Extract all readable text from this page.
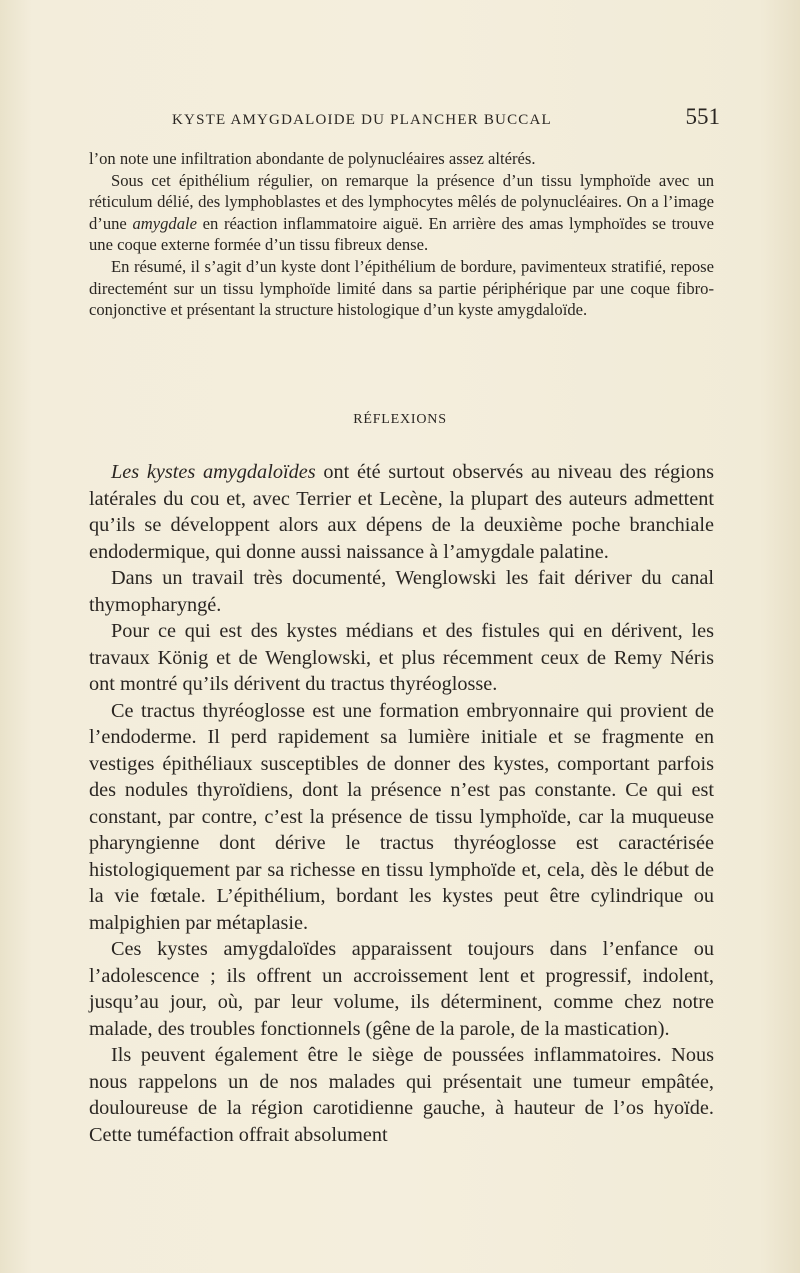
KYSTE AMYGDALOIDE DU PLANCHER BUCCAL	551

l’on note une infiltration abondante de polynucléaires assez altérés.

Sous cet épithélium régulier, on remarque la présence d’un tissu lymphoïde avec un réticulum délié, des lymphoblastes et des lymphocytes mêlés de polynucléaires. On a l’image d’une amygdale en réaction inflammatoire aiguë. En arrière des amas lymphoïdes se trouve une coque externe formée d’un tissu fibreux dense.

En résumé, il s’agit d’un kyste dont l’épithélium de bordure, pavimenteux stratifié, repose directemént sur un tissu lymphoïde limité dans sa partie périphérique par une coque fibro-conjonctive et présentant la structure histologique d’un kyste amygdaloïde.

RÉFLEXIONS

Les kystes amygdaloïdes ont été surtout observés au niveau des régions latérales du cou et, avec Terrier et Lecène, la plupart des auteurs admettent qu’ils se développent alors aux dépens de la deuxième poche branchiale endodermique, qui donne aussi naissance à l’amygdale palatine.

Dans un travail très documenté, Wenglowski les fait dériver du canal thymopharyngé.

Pour ce qui est des kystes médians et des fistules qui en dérivent, les travaux König et de Wenglowski, et plus récemment ceux de Remy Néris ont montré qu’ils dérivent du tractus thyréoglosse.

Ce tractus thyréoglosse est une formation embryonnaire qui provient de l’endoderme. Il perd rapidement sa lumière initiale et se fragmente en vestiges épithéliaux susceptibles de donner des kystes, comportant parfois des nodules thyroïdiens, dont la présence n’est pas constante. Ce qui est constant, par contre, c’est la présence de tissu lymphoïde, car la muqueuse pharyngienne dont dérive le tractus thyréoglosse est caractérisée histologiquement par sa richesse en tissu lymphoïde et, cela, dès le début de la vie fœtale. L’épithélium, bordant les kystes peut être cylindrique ou malpighien par métaplasie.

Ces kystes amygdaloïdes apparaissent toujours dans l’enfance ou l’adolescence ; ils offrent un accroissement lent et progressif, indolent, jusqu’au jour, où, par leur volume, ils déterminent, comme chez notre malade, des troubles fonctionnels (gêne de la parole, de la mastication).

Ils peuvent également être le siège de poussées inflammatoires. Nous nous rappelons un de nos malades qui présentait une tumeur empâtée, douloureuse de la région carotidienne gauche, à hauteur de l’os hyoïde. Cette tuméfaction offrait absolument
